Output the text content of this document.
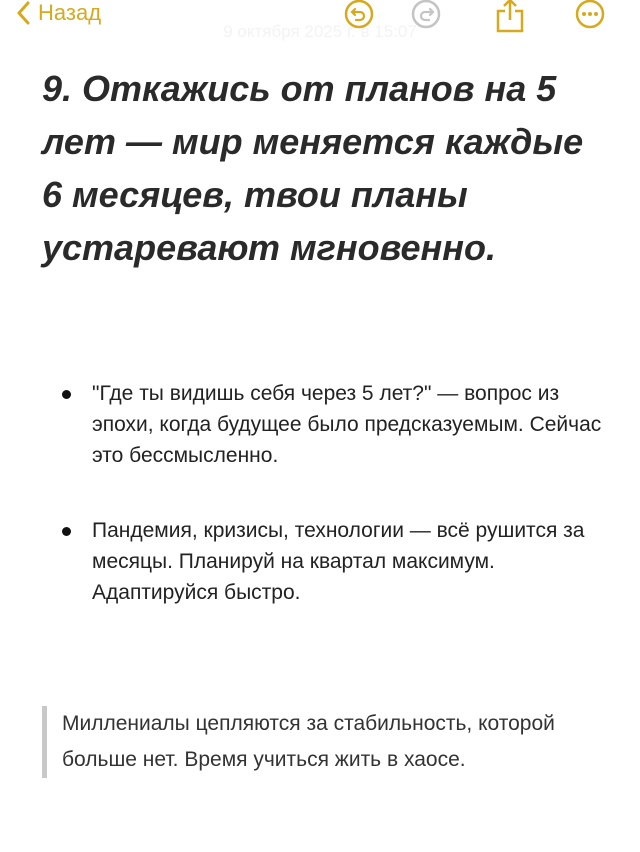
Назад
9 октября 2025 г. в 15:07
9. Откажись от планов на 5 лет — мир меняется каждые 6 месяцев, твои планы устаревают мгновенно.
"Где ты видишь себя через 5 лет?" — вопрос из эпохи, когда будущее было предсказуемым. Сейчас это бессмысленно.
Пандемия, кризисы, технологии — всё рушится за месяцы. Планируй на квартал максимум. Адаптируйся быстро.
Миллениалы цепляются за стабильность, которой больше нет. Время учиться жить в хаосе.
